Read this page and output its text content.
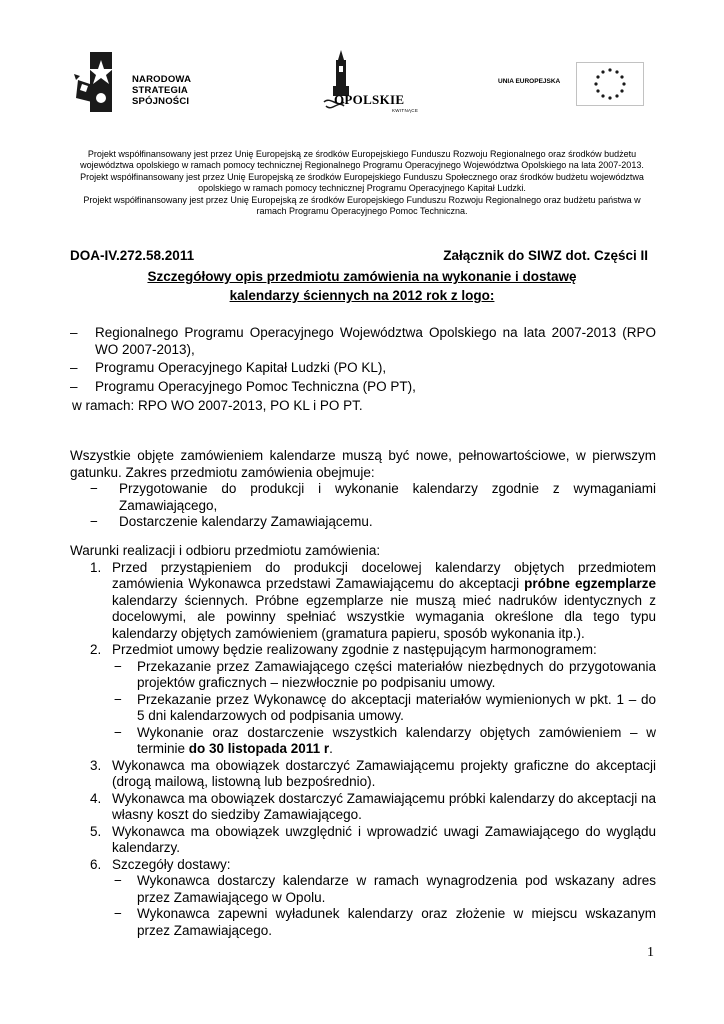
NARODOWA
STRATEGIA SPÓJNOŚCI	OPOLSKIE
KWITNĄCE
UNIA EUROPEJSKA

Projekt współfinansowany jest przez Unię Europejską ze środków Europejskiego Funduszu Rozwoju Regionalnego oraz środków budżetu województwa opolskiego w ramach pomocy technicznej Regionalnego Programu Operacyjnego Województwa Opolskiego na lata 2007-2013.

Projekt współfinansowany jest przez Unię Europejską ze środków Europejskiego Funduszu Społecznego oraz środków budżetu województwa opolskiego w ramach pomocy technicznej Programu Operacyjnego Kapitał Ludzki.

Projekt współfinansowany jest przez Unię Europejską ze środków Europejskiego Funduszu Rozwoju Regionalnego oraz budżetu państwa w ramach Programu Operacyjnego Pomoc Techniczna.

DOA-IV.272.58.2011	Załącznik do SIWZ dot. Części II
Szczegółowy opis przedmiotu zamówienia na wykonanie i dostawę
kalendarzy ściennych na 2012 rok z logo:
– Regionalnego Programu Operacyjnego Województwa Opolskiego na lata 2007-2013 (RPO WO 2007-2013),
– Programu Operacyjnego Kapitał Ludzki (PO KL),
– Programu Operacyjnego Pomoc Techniczna (PO PT),
w ramach: RPO WO 2007-2013, PO KL i PO PT.

Wszystkie objęte zamówieniem kalendarze muszą być nowe, pełnowartościowe, w pierwszym gatunku. Zakres przedmiotu zamówienia obejmuje:

− Przygotowanie do produkcji i wykonanie kalendarzy zgodnie z wymaganiami Zamawiającego,
− Dostarczenie kalendarzy Zamawiającemu.

Warunki realizacji i odbioru przedmiotu zamówienia:

1. Przed przystąpieniem do produkcji docelowej kalendarzy objętych przedmiotem zamówienia Wykonawca przedstawi Zamawiającemu do akceptacji próbne egzemplarze kalendarzy ściennych. Próbne egzemplarze nie muszą mieć nadruków identycznych z docelowymi, ale powinny spełniać wszystkie wymagania określone dla tego typu kalendarzy objętych zamówieniem (gramatura papieru, sposób wykonania itp.).
2. Przedmiot umowy będzie realizowany zgodnie z następującym harmonogramem:
− Przekazanie przez Zamawiającego części materiałów niezbędnych do przygotowania projektów graficznych – niezwłocznie po podpisaniu umowy.
− Przekazanie przez Wykonawcę do akceptacji materiałów wymienionych w pkt. 1 – do 5 dni kalendarzowych od podpisania umowy.
− Wykonanie oraz dostarczenie wszystkich kalendarzy objętych zamówieniem – w terminie do 30 listopada 2011 r.
3. Wykonawca ma obowiązek dostarczyć Zamawiającemu projekty graficzne do akceptacji (drogą mailową, listowną lub bezpośrednio).
4. Wykonawca ma obowiązek dostarczyć Zamawiającemu próbki kalendarzy do akceptacji na własny koszt do siedziby Zamawiającego.
5. Wykonawca ma obowiązek uwzględnić i wprowadzić uwagi Zamawiającego do wyglądu kalendarzy.
6. Szczegóły dostawy:
− Wykonawca dostarczy kalendarze w ramach wynagrodzenia pod wskazany adres przez Zamawiającego w Opolu.
− Wykonawca zapewni wyładunek kalendarzy oraz złożenie w miejscu wskazanym przez Zamawiającego.
1
